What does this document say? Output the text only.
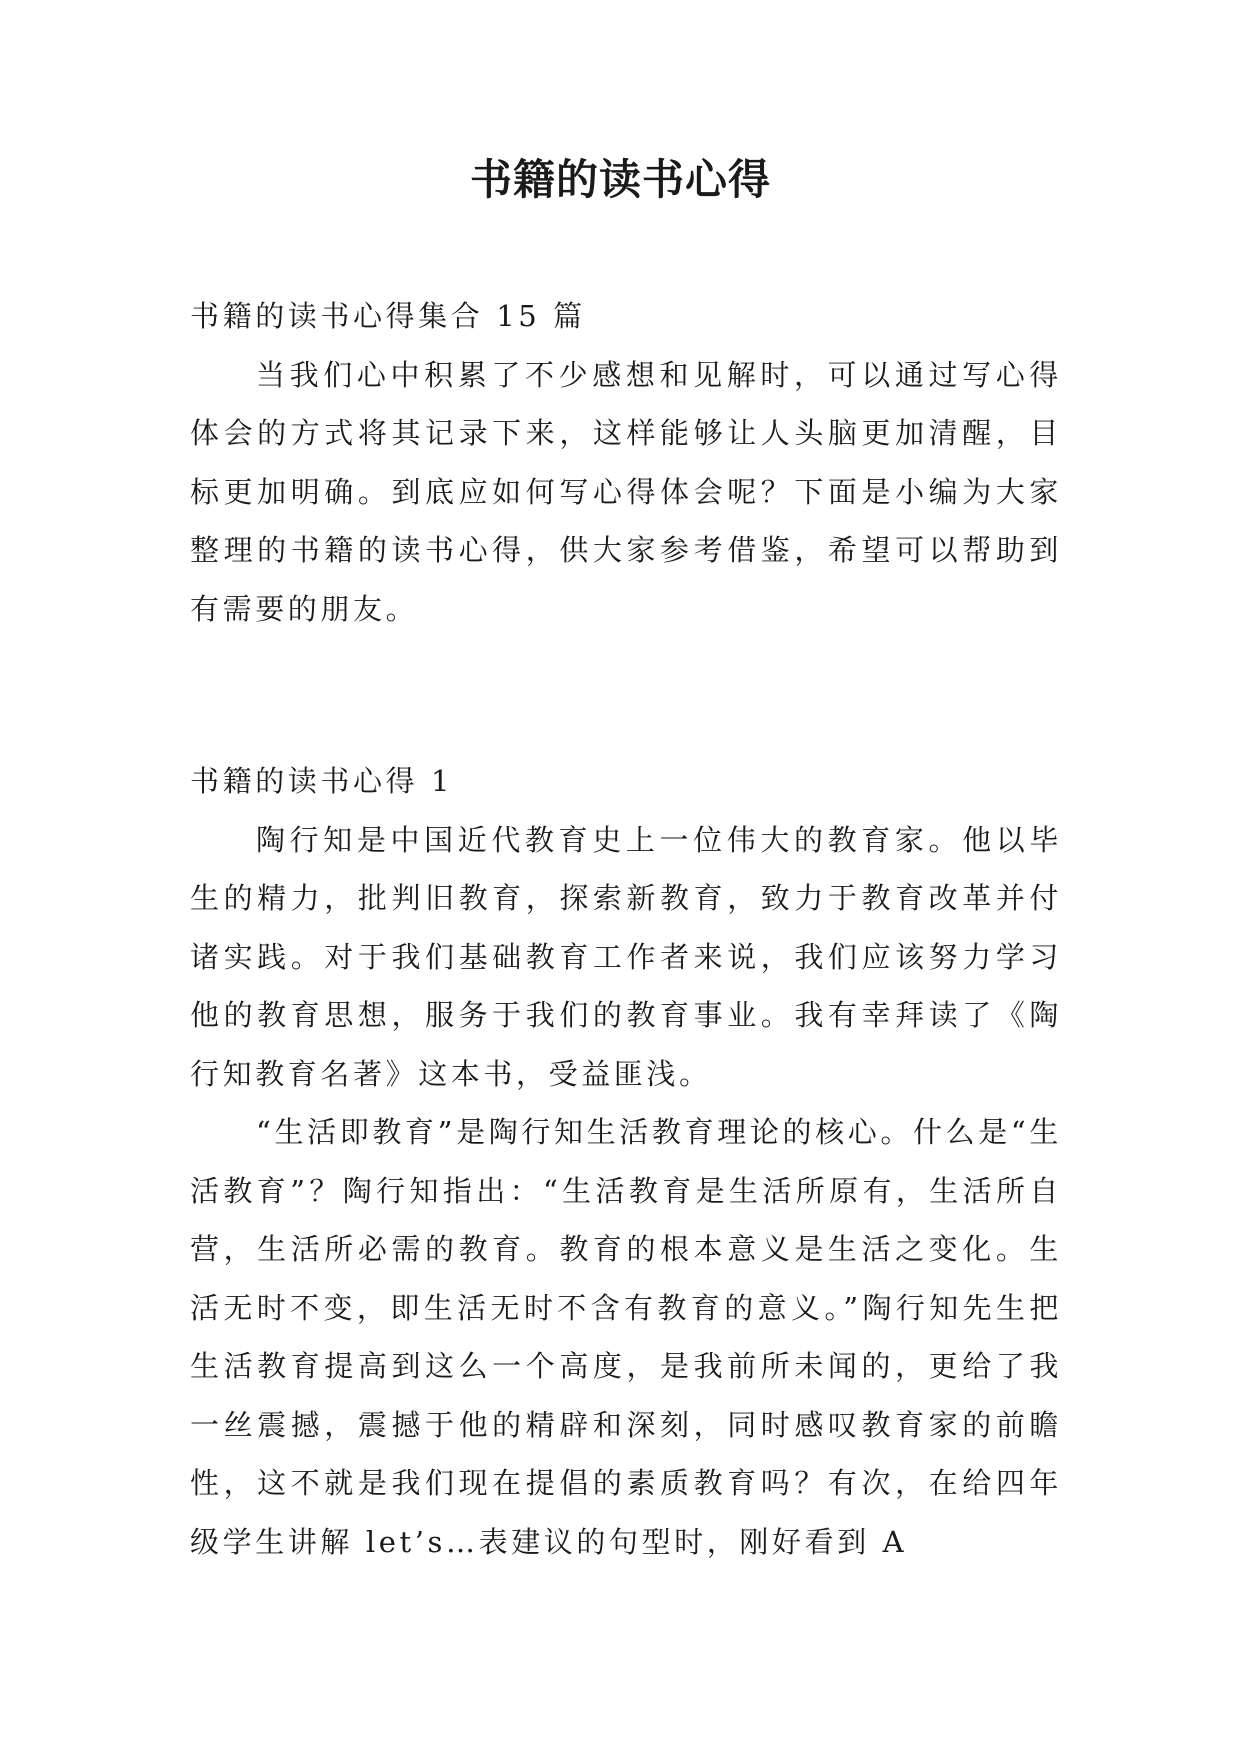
书籍的读书心得

书籍的读书心得集合 15 篇

当我们心中积累了不少感想和见解时，可以通过写心得体会的方式将其记录下来，这样能够让人头脑更加清醒，目标更加明确。到底应如何写心得体会呢？下面是小编为大家整理的书籍的读书心得，供大家参考借鉴，希望可以帮助到有需要的朋友。

书籍的读书心得 1

陶行知是中国近代教育史上一位伟大的教育家。他以毕生的精力，批判旧教育，探索新教育，致力于教育改革并付诸实践。对于我们基础教育工作者来说，我们应该努力学习他的教育思想，服务于我们的教育事业。我有幸拜读了《陶行知教育名著》这本书，受益匪浅。

“生活即教育”是陶行知生活教育理论的核心。什么是“生活教育”？陶行知指出：“生活教育是生活所原有，生活所自营，生活所必需的教育。教育的根本意义是生活之变化。生活无时不变，即生活无时不含有教育的意义。”陶行知先生把生活教育提高到这么一个高度，是我前所未闻的，更给了我一丝震撼，震撼于他的精辟和深刻，同时感叹教育家的前瞻性，这不就是我们现在提倡的素质教育吗？有次，在给四年级学生讲解 let’s…表建议的句型时，刚好看到 A
